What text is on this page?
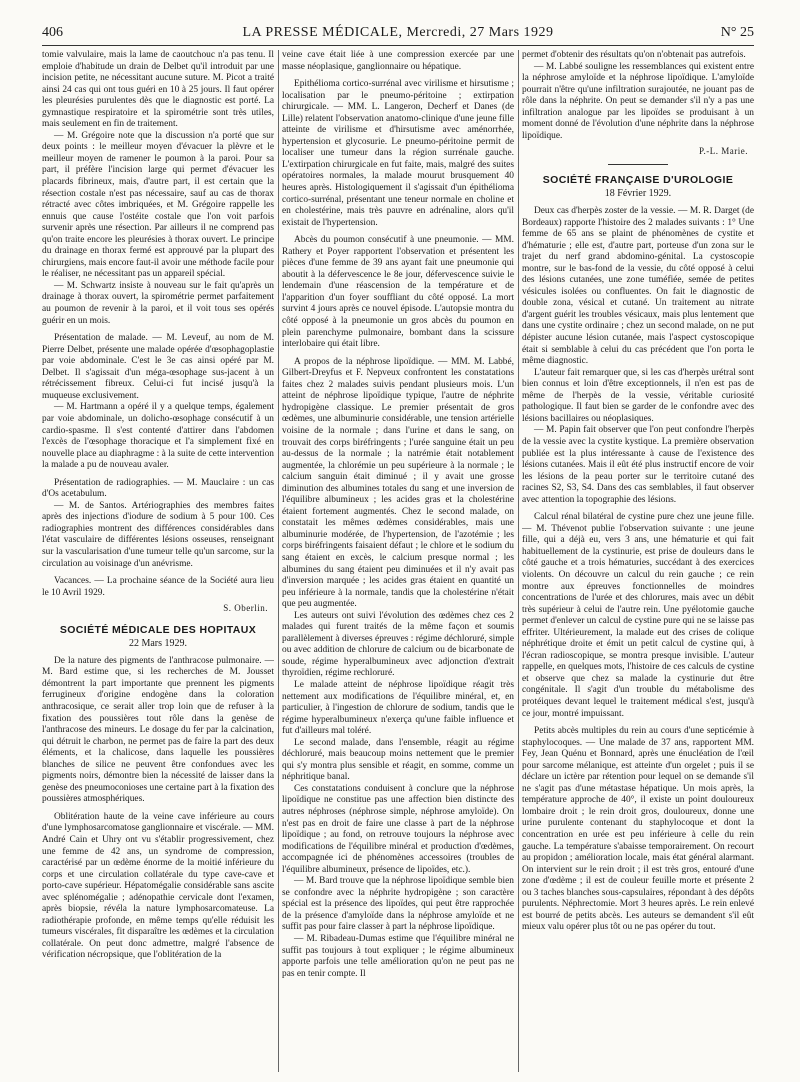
406	LA PRESSE MÉDICALE, Mercredi, 27 Mars 1929	N° 25

tomie valvulaire, mais la lame de caoutchouc n'a pas tenu. Il emploie d'habitude un drain de Delbet qu'il introduit par une incision petite, ne nécessitant aucune suture. M. Picot a traité ainsi 24 cas qui ont tous guéri en 10 à 25 jours. Il faut opérer les pleurésies purulentes dès que le diagnostic est porté. La gymnastique respiratoire et la spirométrie sont très utiles, mais seulement en fin de traitement.

— M. Grégoire note que la discussion n'a porté que sur deux points : le meilleur moyen d'évacuer la plèvre et le meilleur moyen de ramener le poumon à la paroi. Pour sa part, il préfère l'incision large qui permet d'évacuer les placards fibrineux, mais, d'autre part, il est certain que la résection costale n'est pas nécessaire, sauf au cas de thorax rétracté avec côtes imbriquées, et M. Grégoire rappelle les ennuis que cause l'ostéite costale que l'on voit parfois survenir après une résection. Par ailleurs il ne comprend pas qu'on traite encore les pleurésies à thorax ouvert. Le principe du drainage en thorax fermé est approuvé par la plupart des chirurgiens, mais encore faut-il avoir une méthode facile pour le réaliser, ne nécessitant pas un appareil spécial.

— M. Schwartz insiste à nouveau sur le fait qu'après un drainage à thorax ouvert, la spirométrie permet parfaitement au poumon de revenir à la paroi, et il voit tous ses opérés guérir en un mois.

Présentation de malade. — M. Leveuf, au nom de M. Pierre Delbet, présente une malade opérée d'œsophagoplastie par voie abdominale. C'est le 3e cas ainsi opéré par M. Delbet. Il s'agissait d'un méga-œsophage sus-jacent à un rétrécissement fibreux. Celui-ci fut incisé jusqu'à la muqueuse exclusivement.

— M. Hartmann a opéré il y a quelque temps, également par voie abdominale, un dolicho-œsophage consécutif à un cardio-spasme. Il s'est contenté d'attirer dans l'abdomen l'excès de l'œsophage thoracique et l'a simplement fixé en nouvelle place au diaphragme : à la suite de cette intervention la malade a pu de nouveau avaler.

Présentation de radiographies. — M. Mauclaire : un cas d'Os acetabulum.

— M. de Santos. Artériographies des membres faites après des injections d'iodure de sodium à 5 pour 100. Ces radiographies montrent des différences considérables dans l'état vasculaire de différentes lésions osseuses, renseignant sur la vascularisation d'une tumeur telle qu'un sarcome, sur la circulation au voisinage d'un anévrisme.

Vacances. — La prochaine séance de la Société aura lieu le 10 Avril 1929.

S. Oberlin.
SOCIÉTÉ MÉDICALE DES HOPITAUX
22 Mars 1929.

De la nature des pigments de l'anthracose pulmonaire. — M. Bard estime que, si les recherches de M. Jousset démontrent la part importante que prennent les pigments ferrugineux d'origine endogène dans la coloration anthracosique, ce serait aller trop loin que de refuser à la fixation des poussières tout rôle dans la genèse de l'anthracose des mineurs. Le dosage du fer par la calcination, qui détruit le charbon, ne permet pas de faire la part des deux éléments, et la chalicose, dans laquelle les poussières blanches de silice ne peuvent être confondues avec les pigments noirs, démontre bien la nécessité de laisser dans la genèse des pneumoconioses une certaine part à la fixation des poussières atmosphériques.

Oblitération haute de la veine cave inférieure au cours d'une lymphosarcomatose ganglionnaire et viscérale. — MM. André Cain et Uhry ont vu s'établir progressivement, chez une femme de 42 ans, un syndrome de compression, caractérisé par un œdème énorme de la moitié inférieure du corps et une circulation collatérale du type cave-cave et porto-cave supérieur. Hépatomégalie considérable sans ascite avec splénomégalie ; adénopathie cervicale dont l'examen, après biopsie, révéla la nature lymphosarcomateuse. La radiothérapie profonde, en même temps qu'elle réduisit les tumeurs viscérales, fit disparaître les œdèmes et la circulation collatérale. On peut donc admettre, malgré l'absence de vérification nécropsique, que l'oblitération de la

veine cave était liée à une compression exercée par une masse néoplasique, ganglionnaire ou hépatique.

Epithélioma cortico-surrénal avec virilisme et hirsutisme ; localisation par le pneumo-péritoine ; extirpation chirurgicale. — MM. L. Langeron, Decherf et Danes (de Lille) relatent l'observation anatomo-clinique d'une jeune fille atteinte de virilisme et d'hirsutisme avec aménorrhée, hypertension et glycosurie. Le pneumo-péritoine permit de localiser une tumeur dans la région surrénale gauche. L'extirpation chirurgicale en fut faite, mais, malgré des suites opératoires normales, la malade mourut brusquement 40 heures après. Histologiquement il s'agissait d'un épithélioma cortico-surrénal, présentant une teneur normale en choline et en cholestérine, mais très pauvre en adrénaline, alors qu'il existait de l'hypertension.

Abcès du poumon consécutif à une pneumonie. — MM. Rathery et Poyer rapportent l'observation et présentent les pièces d'une femme de 39 ans ayant fait une pneumonie qui aboutit à la défervescence le 8e jour, défervescence suivie le lendemain d'une réascension de la température et de l'apparition d'un foyer souffliant du côté opposé. La mort survint 4 jours après ce nouvel épisode. L'autopsie montra du côté opposé à la pneumonie un gros abcès du poumon en plein parenchyme pulmonaire, bombant dans la scissure interlobaire qui était libre.

A propos de la néphrose lipoïdique. — MM. M. Labbé, Gilbert-Dreyfus et F. Nepveux confrontent les constatations faites chez 2 malades suivis pendant plusieurs mois. L'un atteint de néphrose lipoïdique typique, l'autre de néphrite hydropigène classique. Le premier présentait de gros œdèmes, une albuminurie considérable, une tension artérielle voisine de la normale ; dans l'urine et dans le sang, on trouvait des corps biréfringents ; l'urée sanguine était un peu au-dessus de la normale ; la natrémie était notablement augmentée, la chlorémie un peu supérieure à la normale ; le calcium sanguin était diminué ; il y avait une grosse diminution des albumines totales du sang et une inversion de l'équilibre albumineux ; les acides gras et la cholestérine étaient fortement augmentés. Chez le second malade, on constatait les mêmes œdèmes considérables, mais une albuminurie modérée, de l'hypertension, de l'azotémie ; les corps biréfringents faisaient défaut ; le chlore et le sodium du sang étaient en excès, le calcium presque normal ; les albumines du sang étaient peu diminuées et il n'y avait pas d'inversion marquée ; les acides gras étaient en quantité un peu inférieure à la normale, tandis que la cholestérine n'était que peu augmentée.

Les auteurs ont suivi l'évolution des œdèmes chez ces 2 malades qui furent traités de la même façon et soumis parallèlement à diverses épreuves : régime déchloruré, simple ou avec addition de chlorure de calcium ou de bicarbonate de soude, régime hyperalbumineux avec adjonction d'extrait thyroïdien, régime rechloruré.

Le malade atteint de néphrose lipoïdique réagit très nettement aux modifications de l'équilibre minéral, et, en particulier, à l'ingestion de chlorure de sodium, tandis que le régime hyperalbumineux n'exerça qu'une faible influence et fut d'ailleurs mal toléré.

Le second malade, dans l'ensemble, réagit au régime déchloruré, mais beaucoup moins nettement que le premier qui s'y montra plus sensible et réagit, en somme, comme un néphritique banal.

Ces constatations conduisent à conclure que la néphrose lipoïdique ne constitue pas une affection bien distincte des autres néphroses (néphrose simple, néphrose amyloïde). On n'est pas en droit de faire une classe à part de la néphrose lipoïdique ; au fond, on retrouve toujours la néphrose avec modifications de l'équilibre minéral et production d'œdèmes, accompagnée ici de phénomènes accessoires (troubles de l'équilibre albumineux, présence de lipoïdes, etc.).

— M. Bard trouve que la néphrose lipoïdique semble bien se confondre avec la néphrite hydropigène ; son caractère spécial est la présence des lipoïdes, qui peut être rapprochée de la présence d'amyloïde dans la néphrose amyloïde et ne suffit pas pour faire classer à part la néphrose lipoïdique.

— M. Ribadeau-Dumas estime que l'équilibre minéral ne suffit pas toujours à tout expliquer ; le régime albumineux apporte parfois une telle amélioration qu'on ne peut pas ne pas en tenir compte. Il

permet d'obtenir des résultats qu'on n'obtenait pas autrefois.

— M. Labbé souligne les ressemblances qui existent entre la néphrose amyloïde et la néphrose lipoïdique. L'amyloïde pourrait n'être qu'une infiltration surajoutée, ne jouant pas de rôle dans la néphrite. On peut se demander s'il n'y a pas une infiltration analogue par les lipoïdes se produisant à un moment donné de l'évolution d'une néphrite dans la néphrose lipoïdique.

P.-L. Marie.
SOCIÉTÉ FRANÇAISE D'UROLOGIE
18 Février 1929.

Deux cas d'herpès zoster de la vessie. — M. R. Darget (de Bordeaux) rapporte l'histoire des 2 malades suivants : 1° Une femme de 65 ans se plaint de phénomènes de cystite et d'hématurie ; elle est, d'autre part, porteuse d'un zona sur le trajet du nerf grand abdomino-génital. La cystoscopie montre, sur le bas-fond de la vessie, du côté opposé à celui des lésions cutanées, une zone tuméfiée, semée de petites vésicules isolées ou confluentes. On fait le diagnostic de double zona, vésical et cutané. Un traitement au nitrate d'argent guérit les troubles vésicaux, mais plus lentement que dans une cystite ordinaire ; chez un second malade, on ne put dépister aucune lésion cutanée, mais l'aspect cystoscopique était si semblable à celui du cas précédent que l'on porta le même diagnostic.

L'auteur fait remarquer que, si les cas d'herpès urétral sont bien connus et loin d'être exceptionnels, il n'en est pas de même de l'herpès de la vessie, véritable curiosité pathologique. Il faut bien se garder de le confondre avec des lésions bacillaires ou néoplasiques.

— M. Papin fait observer que l'on peut confondre l'herpès de la vessie avec la cystite kystique. La première observation publiée est la plus intéressante à cause de l'existence des lésions cutanées. Mais il eût été plus instructif encore de voir les lésions de la peau porter sur le territoire cutané des racines S2, S3, S4. Dans des cas semblables, il faut observer avec attention la topographie des lésions.

Calcul rénal bilatéral de cystine pure chez une jeune fille. — M. Thévenot publie l'observation suivante : une jeune fille, qui a déjà eu, vers 3 ans, une hématurie et qui fait habituellement de la cystinurie, est prise de douleurs dans le côté gauche et a trois hématuries, succédant à des exercices violents. On découvre un calcul du rein gauche ; ce rein montre aux épreuves fonctionnelles de moindres concentrations de l'urée et des chlorures, mais avec un débit très supérieur à celui de l'autre rein. Une pyélotomie gauche permet d'enlever un calcul de cystine pure qui ne se laisse pas effriter. Ultérieurement, la malade eut des crises de colique néphrétique droite et émit un petit calcul de cystine qui, à l'écran radioscopique, se montra presque invisible. L'auteur rappelle, en quelques mots, l'histoire de ces calculs de cystine et observe que chez sa malade la cystinurie dut être congénitale. Il s'agit d'un trouble du métabolisme des protéiques devant lequel le traitement médical s'est, jusqu'à ce jour, montré impuissant.

Petits abcès multiples du rein au cours d'une septicémie à staphylocoques. — Une malade de 37 ans, rapportent MM. Fey, Jean Quénu et Bonnard, après une énucléation de l'œil pour sarcome mélanique, est atteinte d'un orgelet ; puis il se déclare un ictère par rétention pour lequel on se demande s'il ne s'agit pas d'une métastase hépatique. Un mois après, la température approche de 40°, il existe un point douloureux lombaire droit ; le rein droit gros, douloureux, donne une urine purulente contenant du staphylocoque et dont la concentration en urée est peu inférieure à celle du rein gauche. La température s'abaisse temporairement. On recourt au propidon ; amélioration locale, mais état général alarmant. On intervient sur le rein droit ; il est très gros, entouré d'une zone d'œdème ; il est de couleur feuille morte et présente 2 ou 3 taches blanches sous-capsulaires, répondant à des dépôts purulents. Néphrectomie. Mort 3 heures après. Le rein enlevé est bourré de petits abcès. Les auteurs se demandent s'il eût mieux valu opérer plus tôt ou ne pas opérer du tout.
